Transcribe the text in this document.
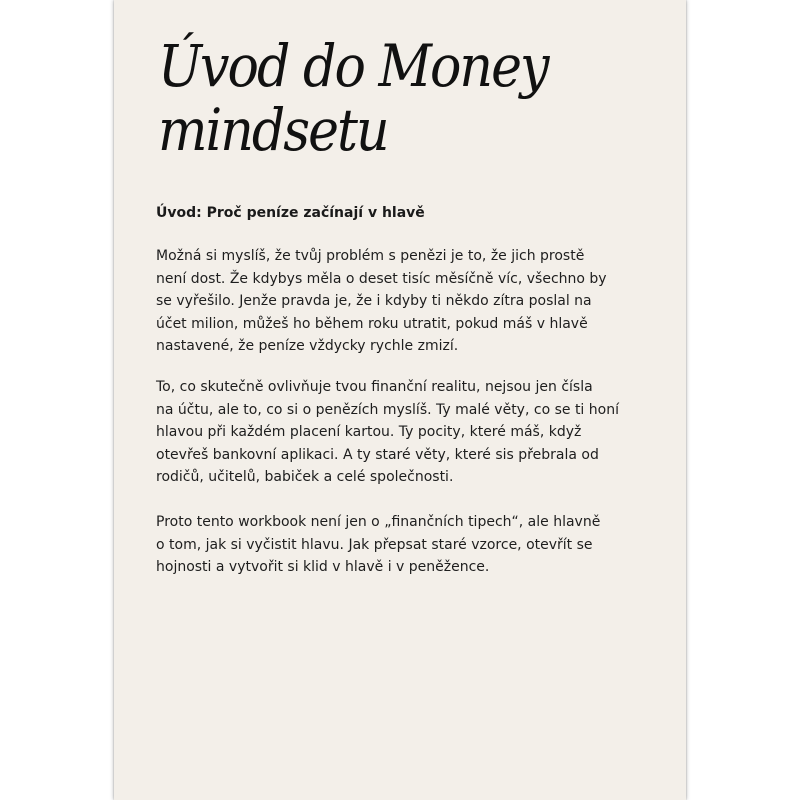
Úvod do Money
mindsetu
Úvod: Proč peníze začínají v hlavě

Možná si myslíš, že tvůj problém s penězi je to, že jich prostě
není dost. Že kdybys měla o deset tisíc měsíčně víc, všechno by
se vyřešilo. Jenže pravda je, že i kdyby ti někdo zítra poslal na
účet milion, můžeš ho během roku utratit, pokud máš v hlavě
nastavené, že peníze vždycky rychle zmizí.

To, co skutečně ovlivňuje tvou finanční realitu, nejsou jen čísla
na účtu, ale to, co si o penězích myslíš. Ty malé věty, co se ti honí
hlavou při každém placení kartou. Ty pocity, které máš, když
otevřeš bankovní aplikaci. A ty staré věty, které sis přebrala od
rodičů, učitelů, babiček a celé společnosti.

Proto tento workbook není jen o „finančních tipech“, ale hlavně
o tom, jak si vyčistit hlavu. Jak přepsat staré vzorce, otevřít se
hojnosti a vytvořit si klid v hlavě i v peněžence.
